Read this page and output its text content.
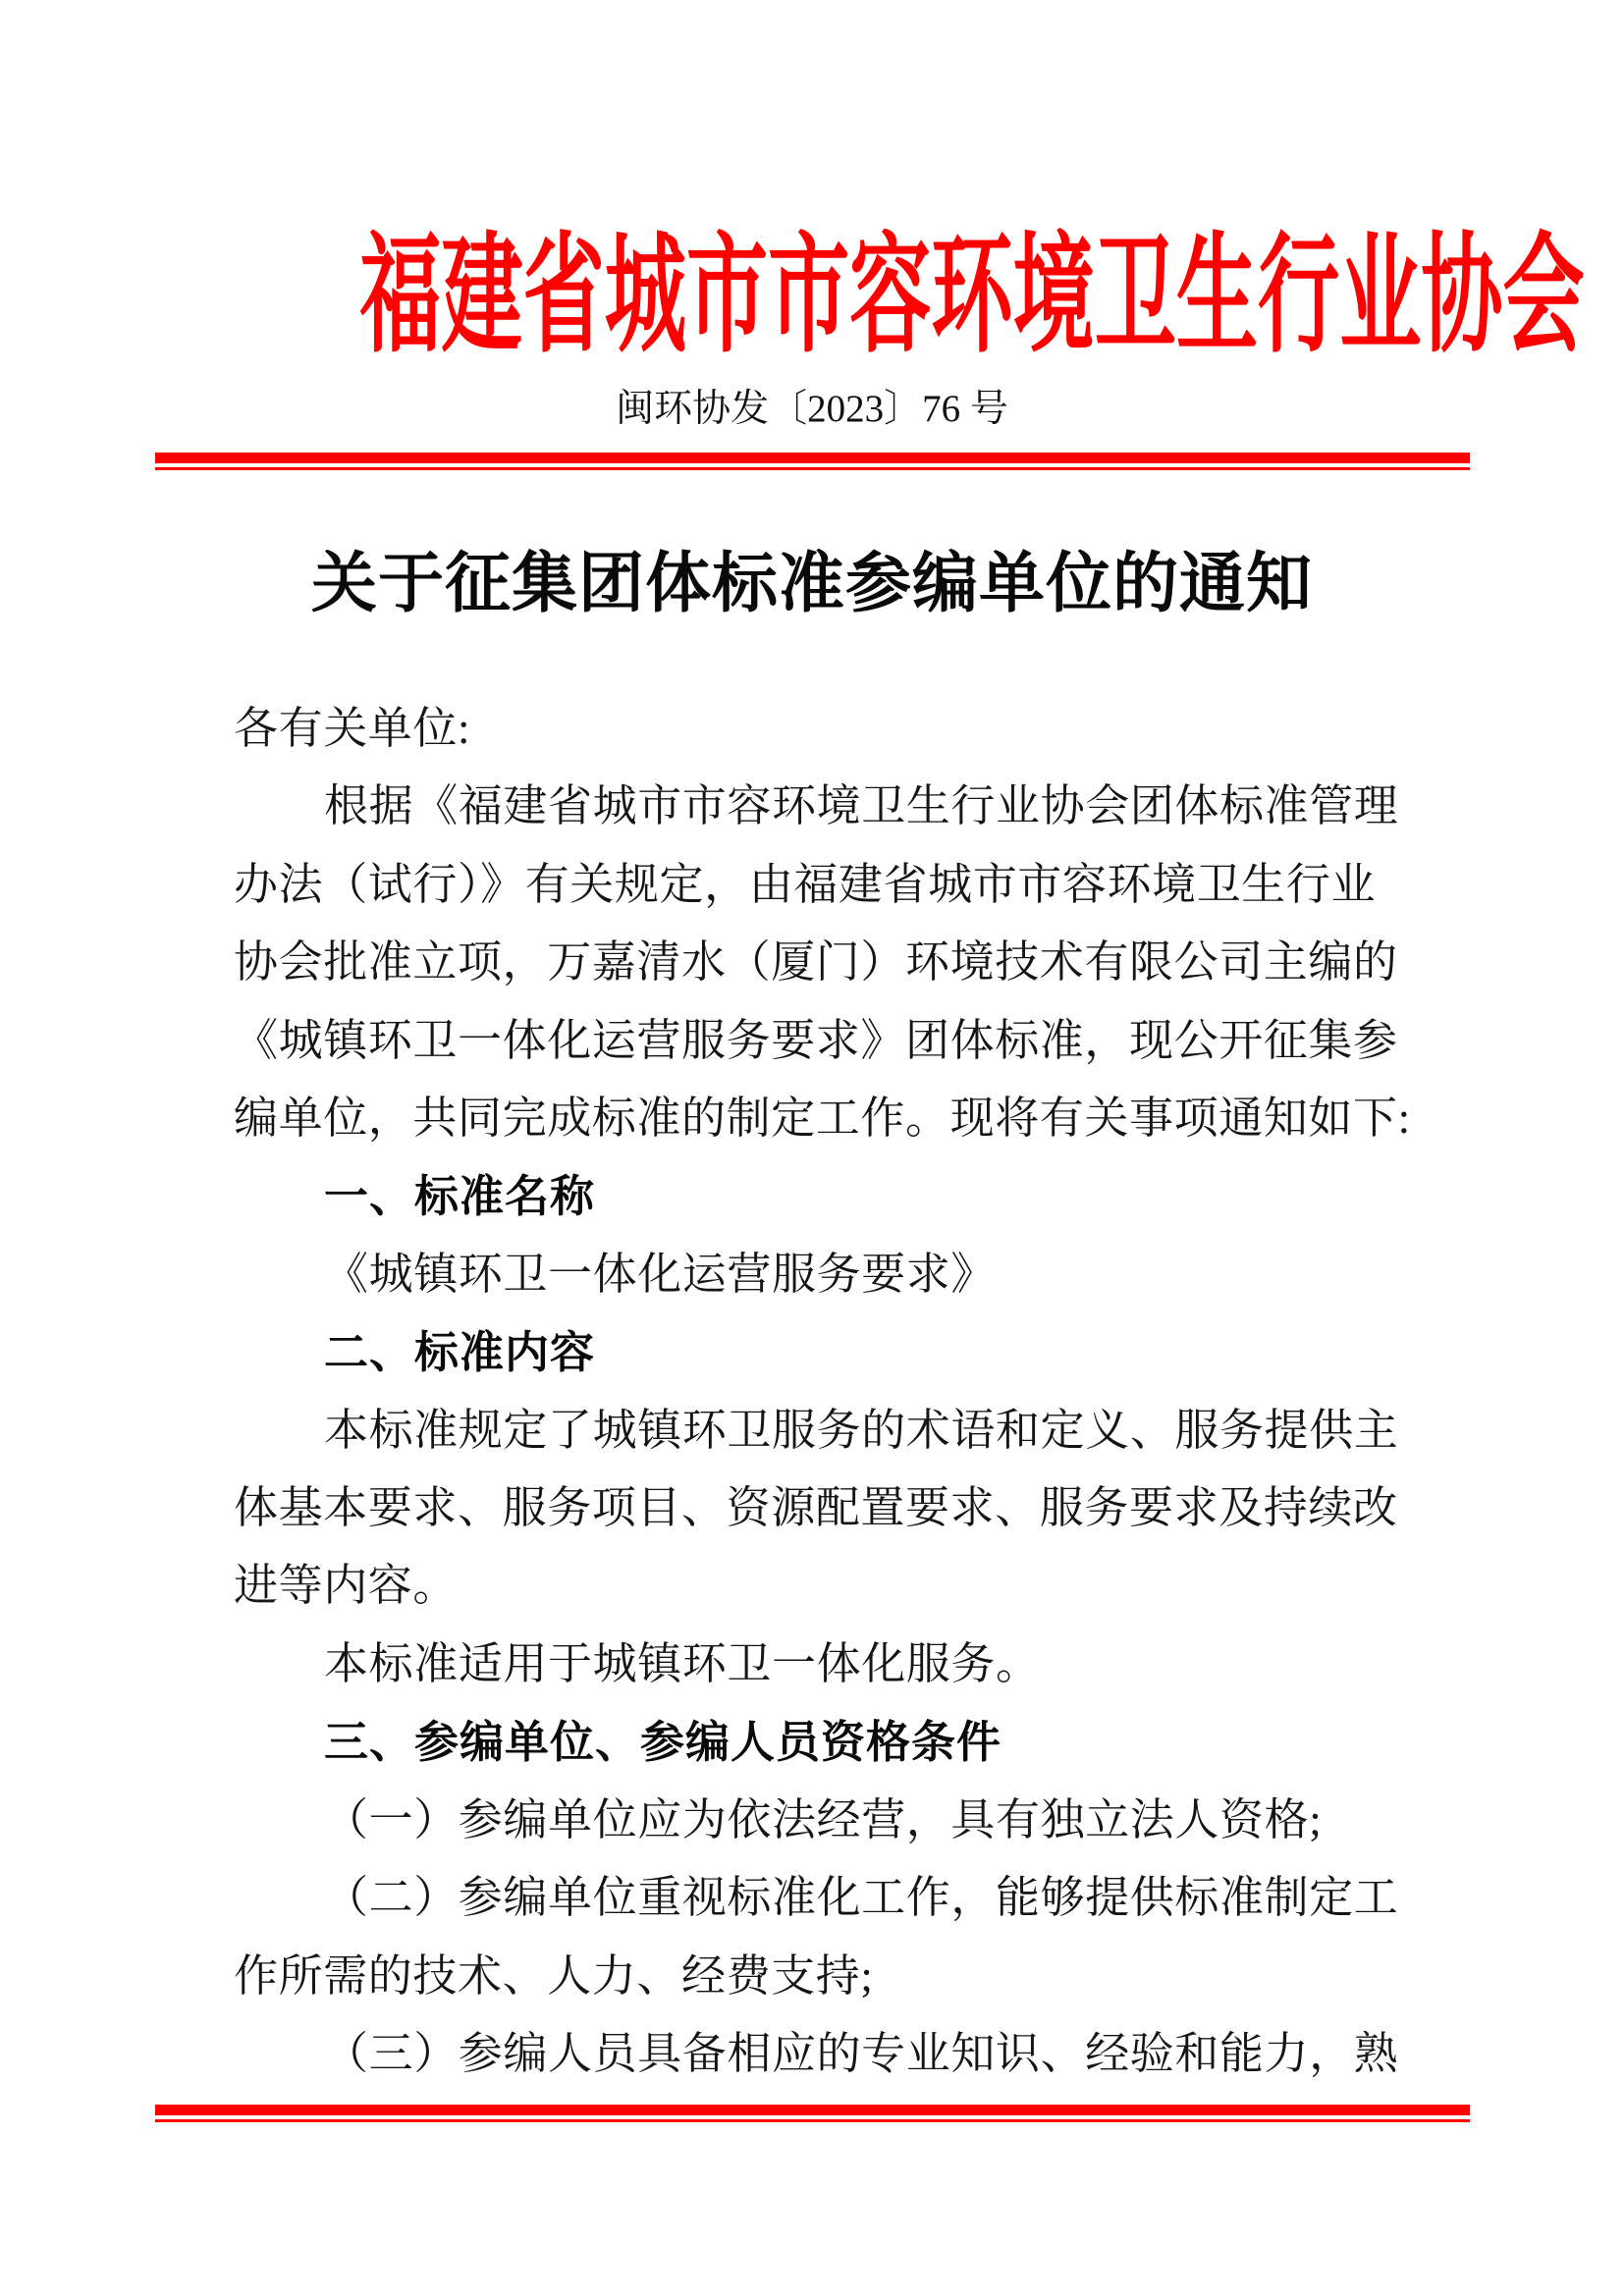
福建省城市市容环境卫生行业协会
闽环协发〔2023〕76 号
关于征集团体标准参编单位的通知
各有关单位:
根据《福建省城市市容环境卫生行业协会团体标准管理
办法（试行）》有关规定，由福建省城市市容环境卫生行业
协会批准立项，万嘉清水（厦门）环境技术有限公司主编的
《城镇环卫一体化运营服务要求》团体标准，现公开征集参
编单位，共同完成标准的制定工作。现将有关事项通知如下:
一、标准名称
《城镇环卫一体化运营服务要求》
二、标准内容
本标准规定了城镇环卫服务的术语和定义、服务提供主
体基本要求、服务项目、资源配置要求、服务要求及持续改
进等内容。
本标准适用于城镇环卫一体化服务。
三、参编单位、参编人员资格条件
（一）参编单位应为依法经营，具有独立法人资格;
（二）参编单位重视标准化工作，能够提供标准制定工
作所需的技术、人力、经费支持;
（三）参编人员具备相应的专业知识、经验和能力，熟
